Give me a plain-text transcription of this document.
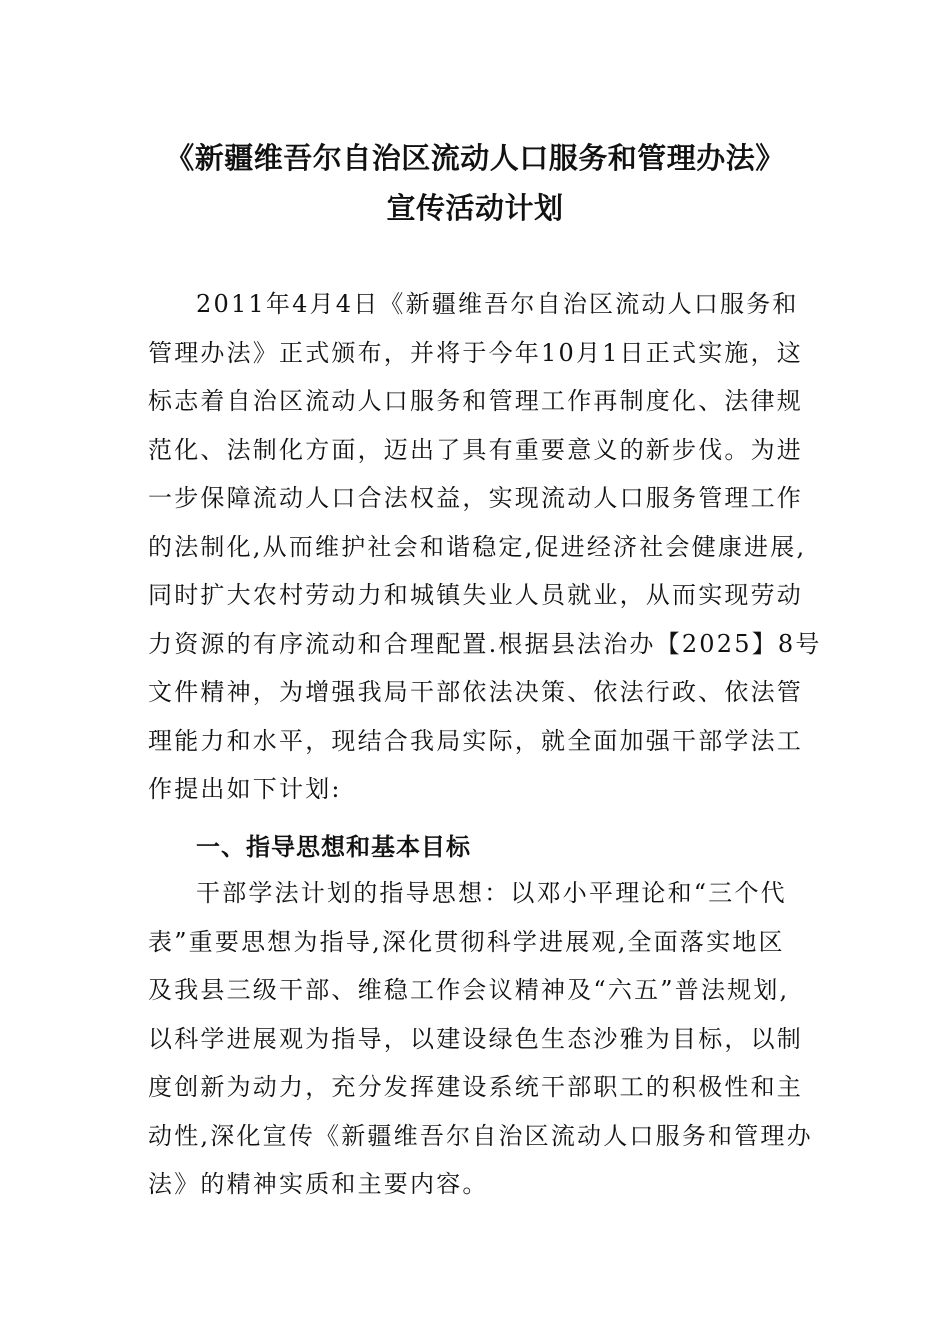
《新疆维吾尔自治区流动人口服务和管理办法》
宣传活动计划
2011年4月4日《新疆维吾尔自治区流动人口服务和
管理办法》正式颁布，并将于今年10月1日正式实施，这
标志着自治区流动人口服务和管理工作再制度化、法律规
范化、法制化方面，迈出了具有重要意义的新步伐。为进
一步保障流动人口合法权益，实现流动人口服务管理工作
的法制化,从而维护社会和谐稳定,促进经济社会健康进展,
同时扩大农村劳动力和城镇失业人员就业，从而实现劳动
力资源的有序流动和合理配置.根据县法治办【2025】8号
文件精神，为增强我局干部依法决策、依法行政、依法管
理能力和水平，现结合我局实际，就全面加强干部学法工
作提出如下计划:
一、指导思想和基本目标
干部学法计划的指导思想：以邓小平理论和“三个代
表”重要思想为指导,深化贯彻科学进展观,全面落实地区
及我县三级干部、维稳工作会议精神及“六五”普法规划,
以科学进展观为指导，以建设绿色生态沙雅为目标，以制
度创新为动力，充分发挥建设系统干部职工的积极性和主
动性,深化宣传《新疆维吾尔自治区流动人口服务和管理办
法》的精神实质和主要内容。
